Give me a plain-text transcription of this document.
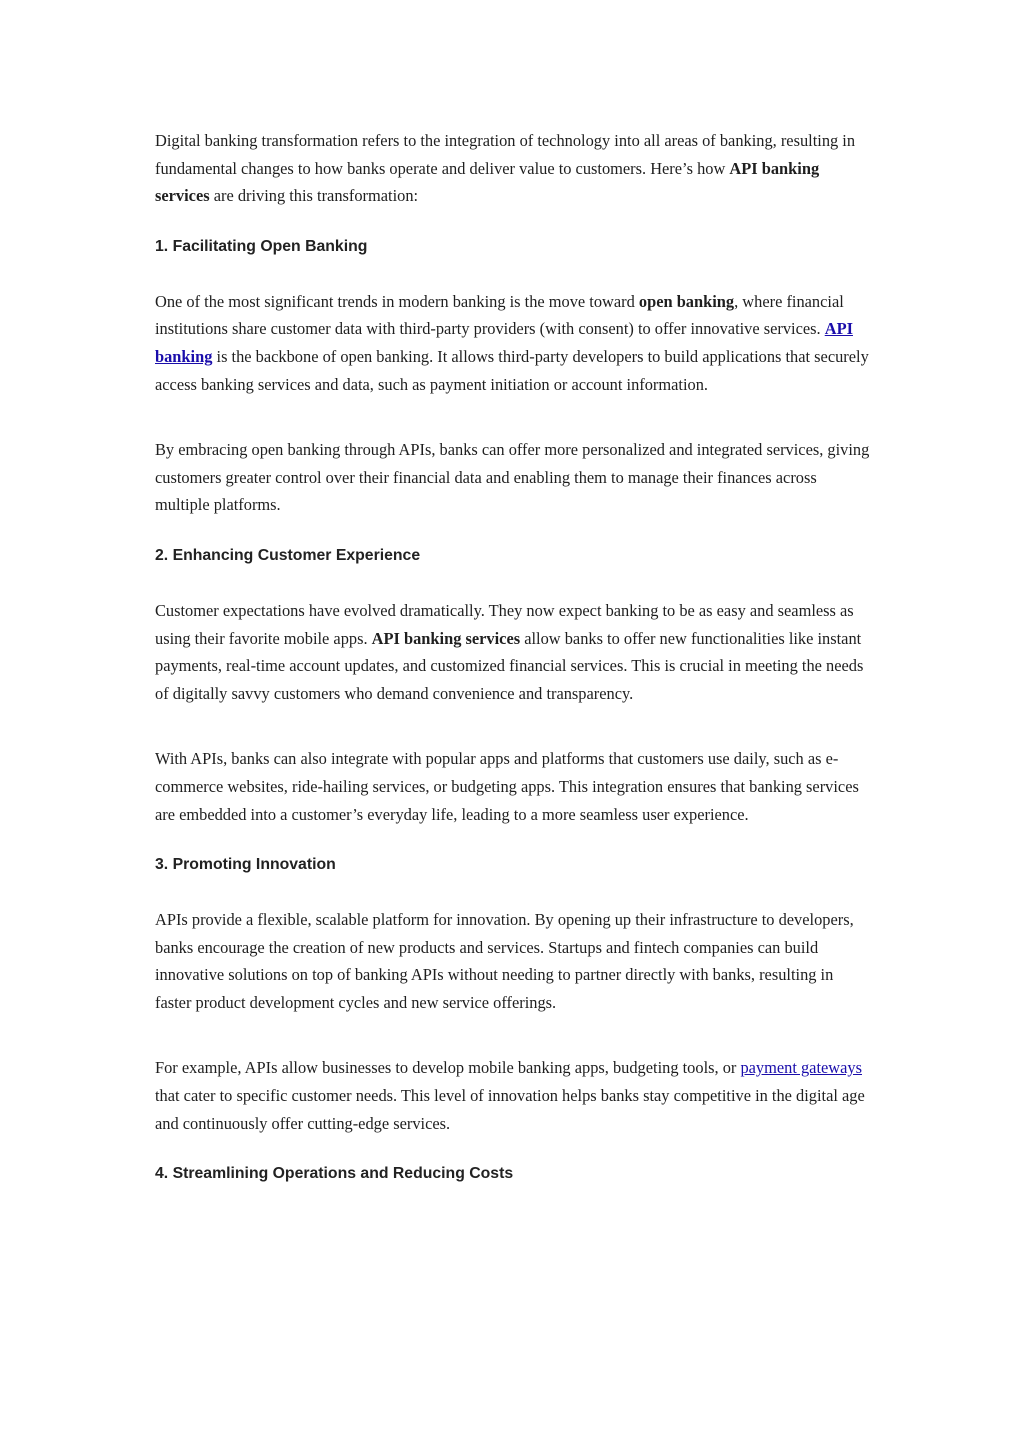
Digital banking transformation refers to the integration of technology into all areas of banking, resulting in fundamental changes to how banks operate and deliver value to customers. Here’s how API banking services are driving this transformation:

1. Facilitating Open Banking

One of the most significant trends in modern banking is the move toward open banking, where financial institutions share customer data with third-party providers (with consent) to offer innovative services. API banking is the backbone of open banking. It allows third-party developers to build applications that securely access banking services and data, such as payment initiation or account information.

By embracing open banking through APIs, banks can offer more personalized and integrated services, giving customers greater control over their financial data and enabling them to manage their finances across multiple platforms.

2. Enhancing Customer Experience

Customer expectations have evolved dramatically. They now expect banking to be as easy and seamless as using their favorite mobile apps. API banking services allow banks to offer new functionalities like instant payments, real-time account updates, and customized financial services. This is crucial in meeting the needs of digitally savvy customers who demand convenience and transparency.

With APIs, banks can also integrate with popular apps and platforms that customers use daily, such as e-commerce websites, ride-hailing services, or budgeting apps. This integration ensures that banking services are embedded into a customer’s everyday life, leading to a more seamless user experience.

3. Promoting Innovation

APIs provide a flexible, scalable platform for innovation. By opening up their infrastructure to developers, banks encourage the creation of new products and services. Startups and fintech companies can build innovative solutions on top of banking APIs without needing to partner directly with banks, resulting in faster product development cycles and new service offerings.

For example, APIs allow businesses to develop mobile banking apps, budgeting tools, or payment gateways that cater to specific customer needs. This level of innovation helps banks stay competitive in the digital age and continuously offer cutting-edge services.

4. Streamlining Operations and Reducing Costs
